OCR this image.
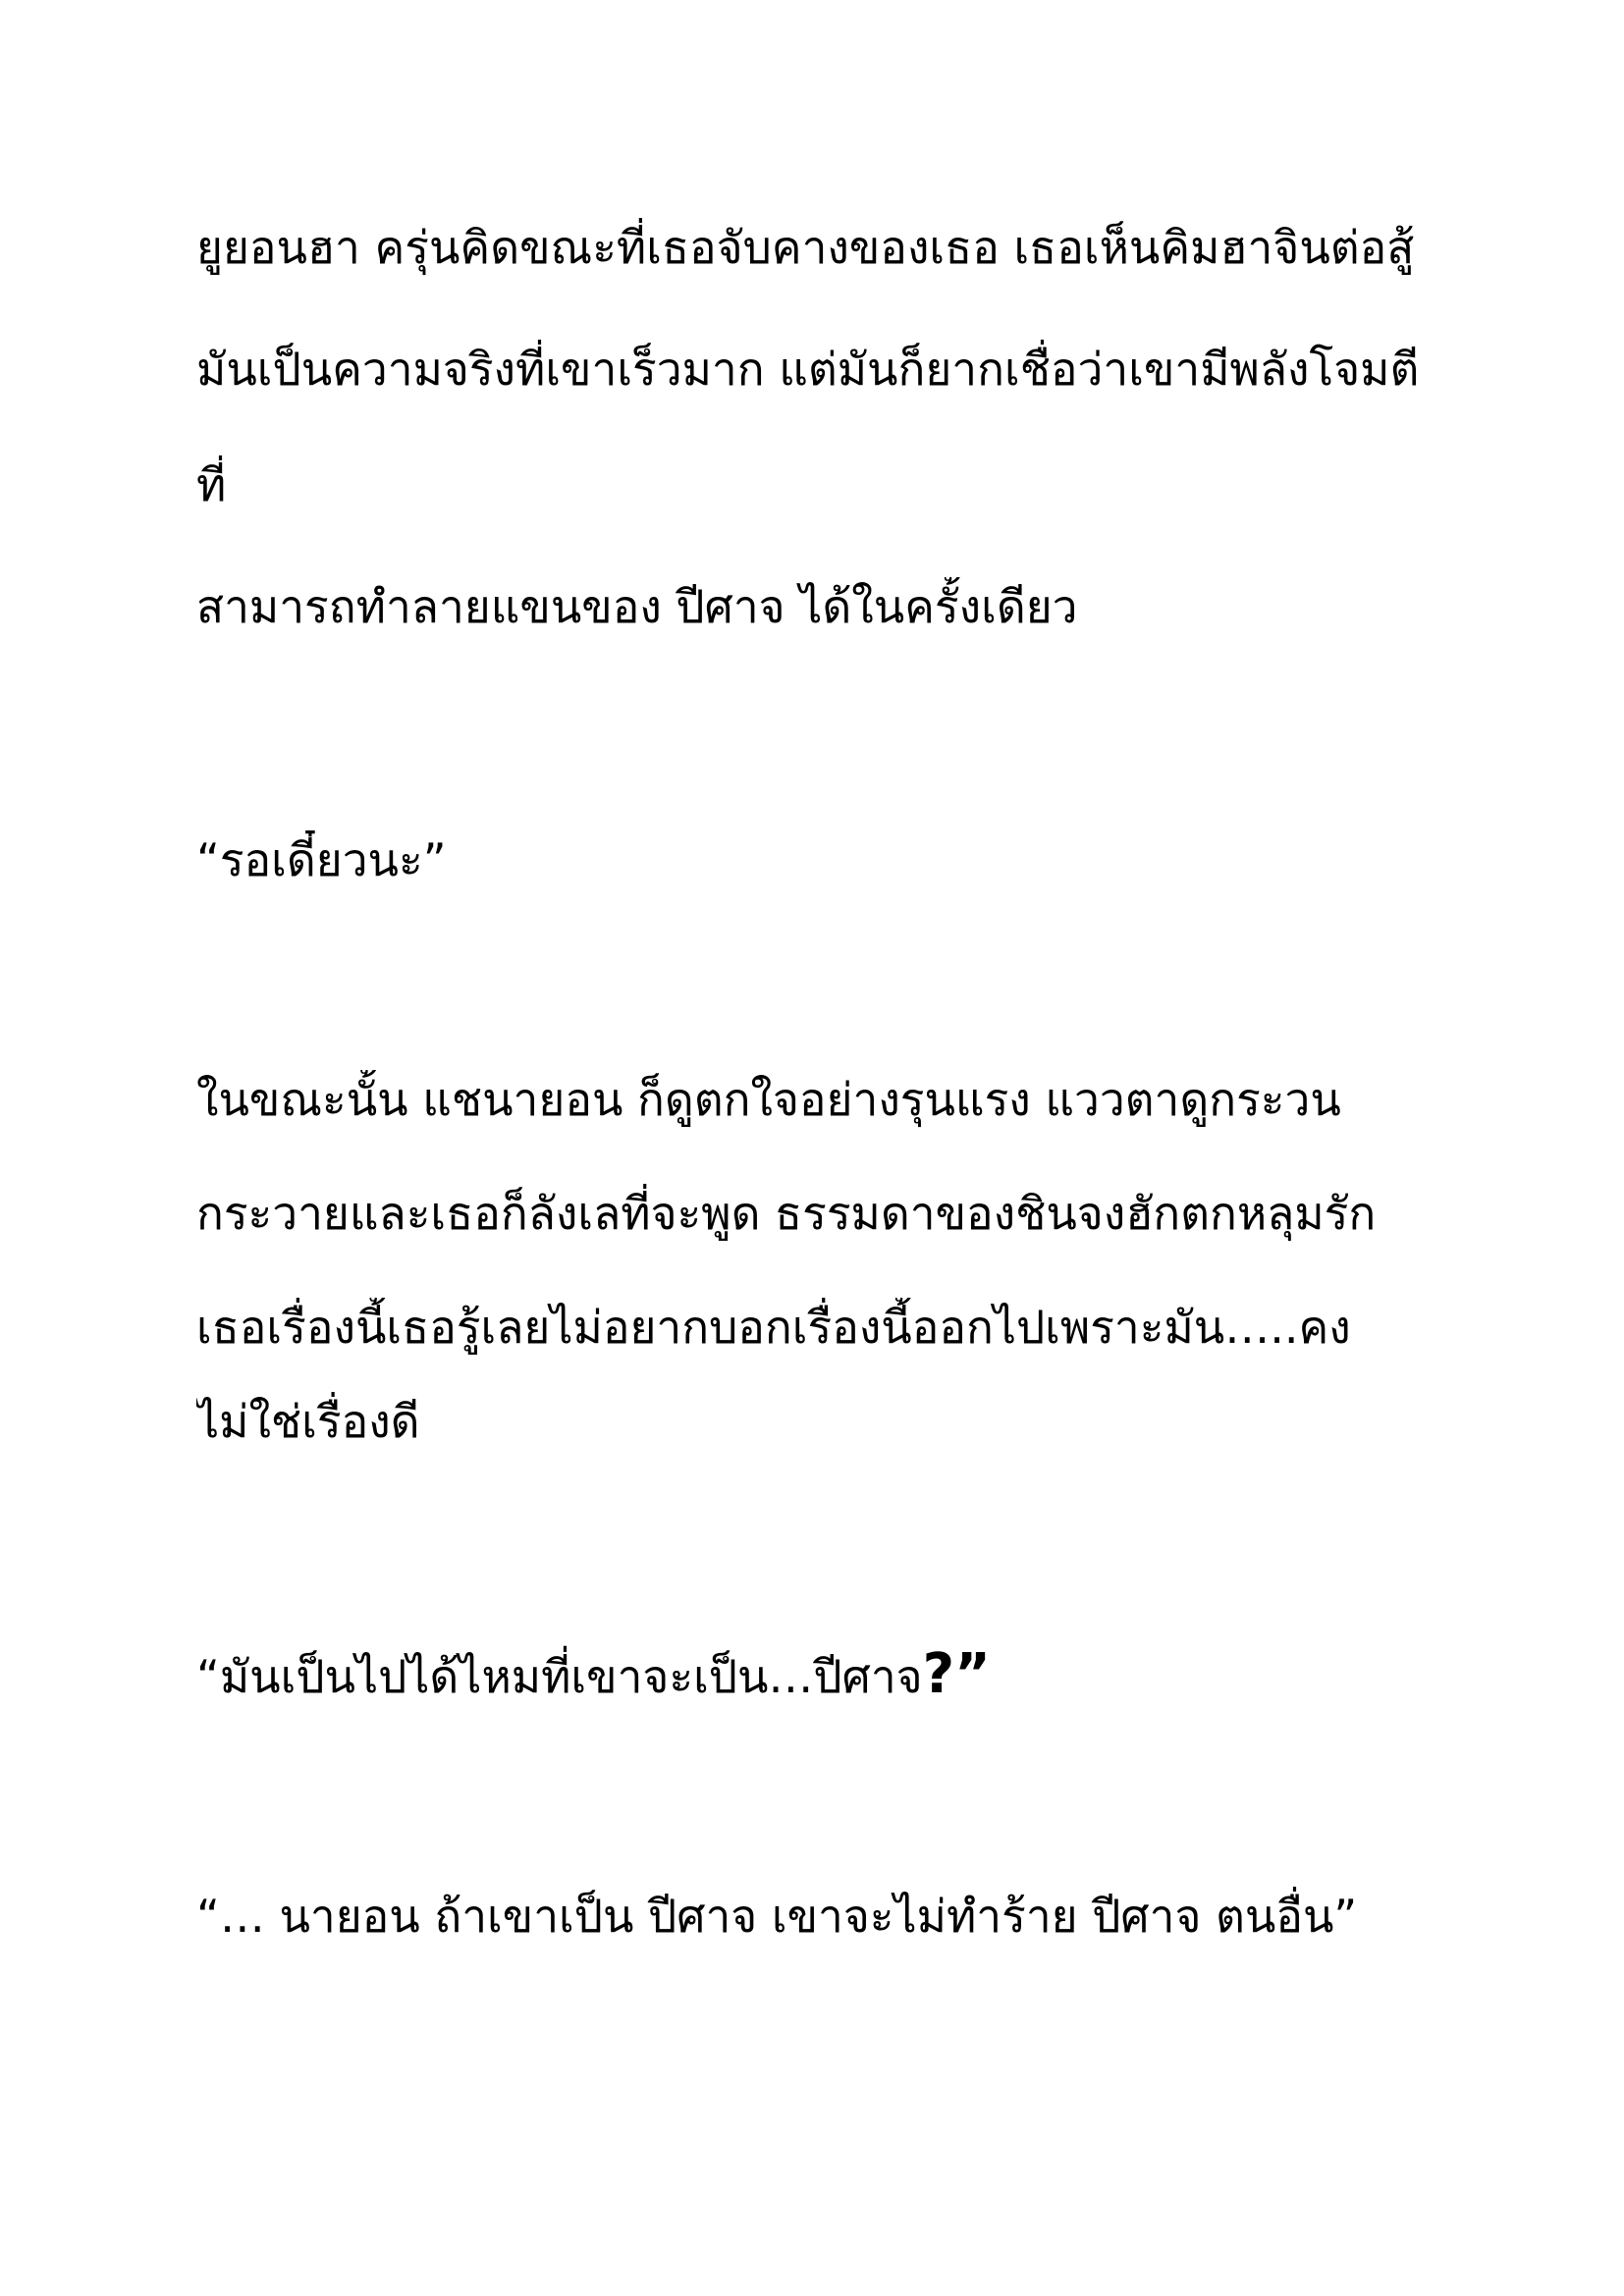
ยูยอนฮา ครุ่นคิดขณะที่เธอจับคางของเธอ เธอเห็นคิมฮาจินต่อสู้
มันเป็นความจริงที่เขาเร็วมาก แต่มันก็ยากเชื่อว่าเขามีพลังโจมตี
ที่
สามารถทำลายแขนของ ปีศาจ ได้ในครั้งเดียว
“รอเดี๋ยวนะ”
ในขณะนั้น แชนายอน ก็ดูตกใจอย่างรุนแรง แววตาดูกระวน
กระวายและเธอก็ลังเลที่จะพูด ธรรมดาของชินจงฮักตกหลุมรัก
เธอเรื่องนี้เธอรู้เลยไม่อยากบอกเรื่องนี้ออกไปเพราะมัน…..คง
ไม่ใช่เรื่องดี
“มันเป็นไปได้ไหมที่เขาจะเป็น…ปีศาจ?”
“… นายอน ถ้าเขาเป็น ปีศาจ เขาจะไม่ทำร้าย ปีศาจ ตนอื่น”
